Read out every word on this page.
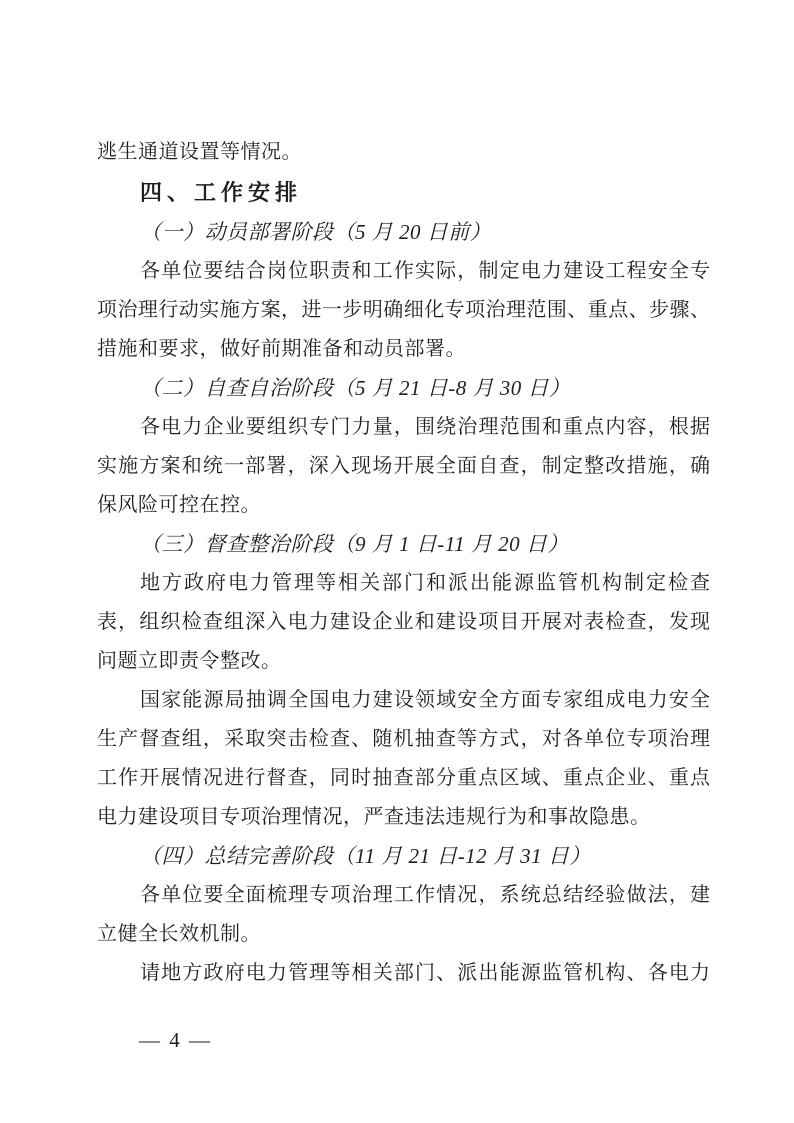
逃生通道设置等情况。
四、工作安排
（一）动员部署阶段（5 月 20 日前）
各单位要结合岗位职责和工作实际，制定电力建设工程安全专
项治理行动实施方案，进一步明确细化专项治理范围、重点、步骤、
措施和要求，做好前期准备和动员部署。
（二）自查自治阶段（5 月 21 日-8 月 30 日）
各电力企业要组织专门力量，围绕治理范围和重点内容，根据
实施方案和统一部署，深入现场开展全面自查，制定整改措施，确
保风险可控在控。
（三）督查整治阶段（9 月 1 日-11 月 20 日）
地方政府电力管理等相关部门和派出能源监管机构制定检查
表，组织检查组深入电力建设企业和建设项目开展对表检查，发现
问题立即责令整改。
国家能源局抽调全国电力建设领域安全方面专家组成电力安全
生产督查组，采取突击检查、随机抽查等方式，对各单位专项治理
工作开展情况进行督查，同时抽查部分重点区域、重点企业、重点
电力建设项目专项治理情况，严查违法违规行为和事故隐患。
（四）总结完善阶段（11 月 21 日-12 月 31 日）
各单位要全面梳理专项治理工作情况，系统总结经验做法，建
立健全长效机制。
请地方政府电力管理等相关部门、派出能源监管机构、各电力
— 4 —
